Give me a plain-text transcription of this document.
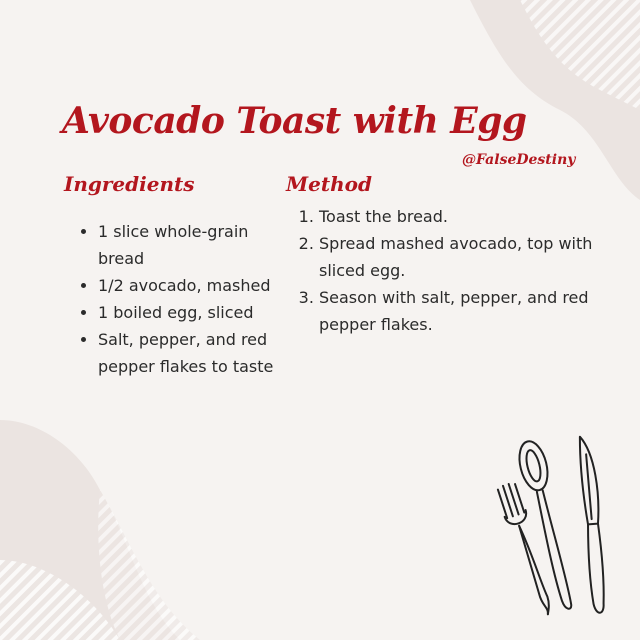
Avocado Toast with Egg
@FalseDestiny
Ingredients
• 1 slice whole-grain bread
• 1/2 avocado, mashed
• 1 boiled egg, sliced
• Salt, pepper, and red pepper flakes to taste
Method
1. Toast the bread.
2. Spread mashed avocado, top with sliced egg.
3. Season with salt, pepper, and red pepper flakes.
